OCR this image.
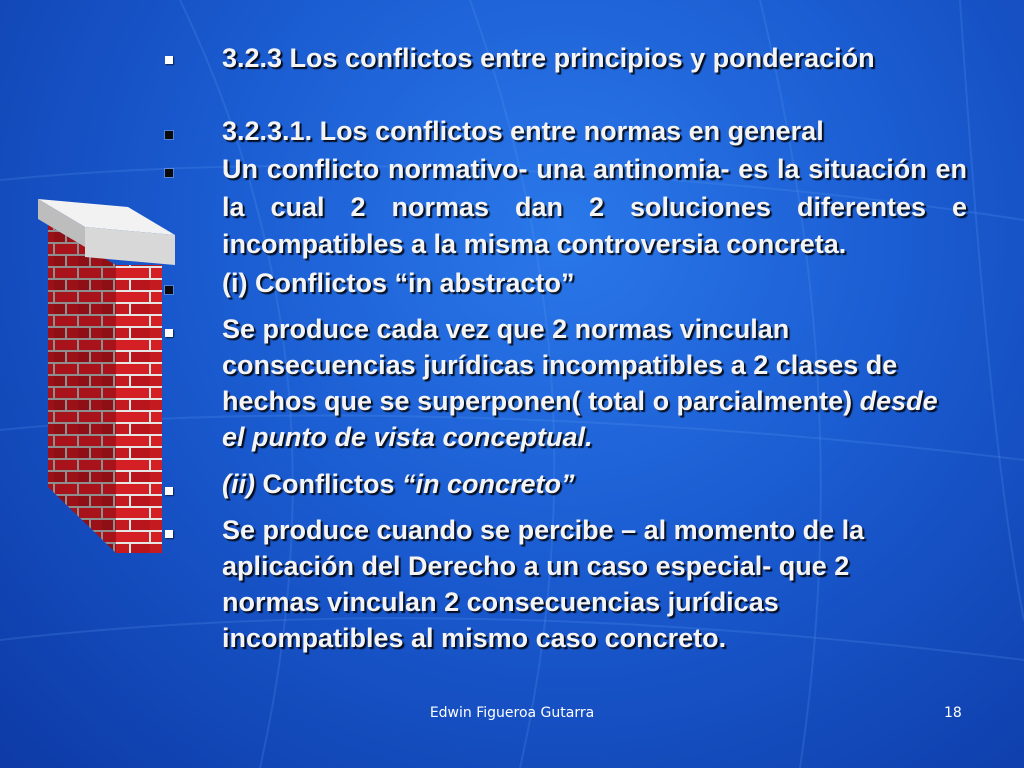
3.2.3 Los conflictos entre principios y ponderación
3.2.3.1. Los conflictos entre normas en general
Un conflicto normativo- una antinomia- es la situación en la cual 2 normas dan 2 soluciones diferentes e incompatibles a la misma controversia concreta.
(i) Conflictos “in abstracto”
Se produce cada vez que 2 normas vinculan consecuencias jurídicas incompatibles a 2 clases de hechos que se superponen( total o parcialmente) desde el punto de vista conceptual.
(ii) Conflictos “in concreto”
Se produce cuando se percibe – al momento de la aplicación del Derecho a un caso especial- que 2 normas vinculan 2 consecuencias jurídicas incompatibles al mismo caso concreto.
Edwin Figueroa Gutarra	18
